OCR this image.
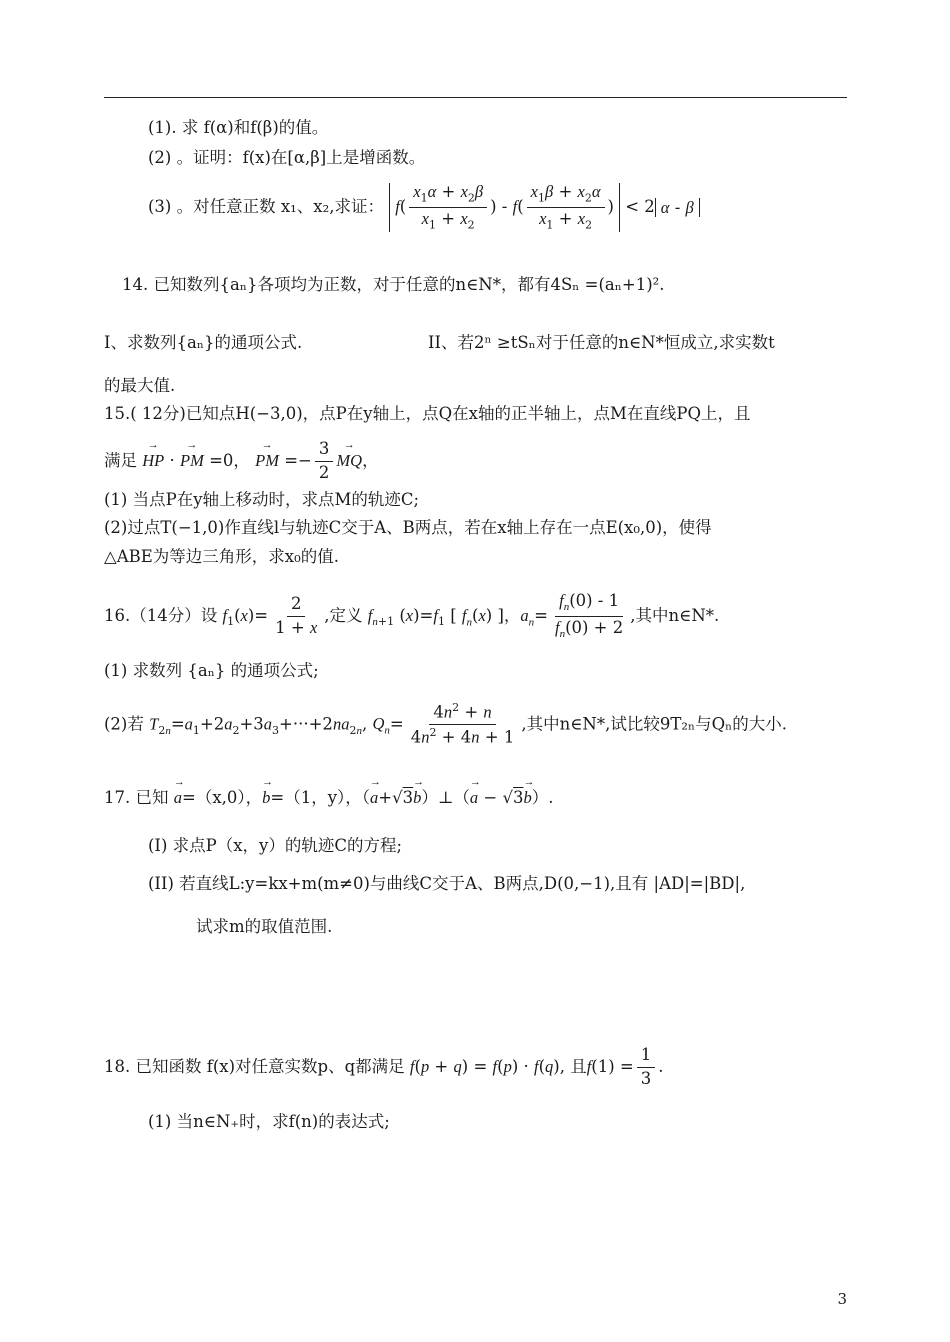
(1). 求 f(α)和f(β)的值。
(2) 。证明：f(x)在[α,β]上是增函数。
(3) 。对任意正数 x₁、x₂,求证： $f( \frac{x_1\alpha + x_2\beta}{x_1 + x_2}$ ) - $f( \frac{x_1\beta + x_2\alpha}{x_1 + x_2}$ ) < 2 α - β
14. 已知数列{aₙ}各项均为正数，对于任意的n∈N*，都有4Sₙ =(aₙ+1)².
I、求数列{aₙ}的通项公式.	II、若2ⁿ ≥tSₙ对于任意的n∈N*恒成立,求实数t
的最大值.
15.( 12分)已知点H(−3,0)，点P在y轴上，点Q在x轴的正半轴上，点M在直线PQ上，且
满足 → HP · → PM =0， → PM =− $\frac{3}{2}$ → MQ，
(1) 当点P在y轴上移动时，求点M的轨迹C;
(2)过点T(−1,0)作直线l与轨迹C交于A、B两点，若在x轴上存在一点E(x₀,0)，使得
△ABE为等边三角形，求x₀的值.
16.（14分）设 $f_1(x)= \frac{2}{1 + x}$ ,定义 $f_{n+1}$ $(x)=f_1$ [ $f_n(x)$ ]，$a_n= \frac{f_n(0) - 1}{f_n(0) + 2}$ ,其中n∈N*.
(1) 求数列 {aₙ} 的通项公式;
(2)若 $T_{2n}=a_1+2a_2+3a_3+\cdot\cdot\cdot+2na_{2n}$, $Q_n= \frac{4n^2 + n}{4n^2 + 4n + 1}$ ,其中n∈N*,试比较9T₂ₙ与Qₙ的大小.
17. 已知 → a=（x,0），→ b=（1，y），（→ a+√3→ b）⊥（→ a − √3→ b）.
(I) 求点P（x，y）的轨迹C的方程;
(II) 若直线L:y=kx+m(m≠0)与曲线C交于A、B两点,D(0,−1),且有 |AD|=|BD|,
试求m的取值范围.
18. 已知函数 f(x)对任意实数p、q都满足 f(p + q) = f(p) · f(q), 且$f(1) = \frac{1}{3}$ .
(1) 当n∈N₊时，求f(n)的表达式;
3
